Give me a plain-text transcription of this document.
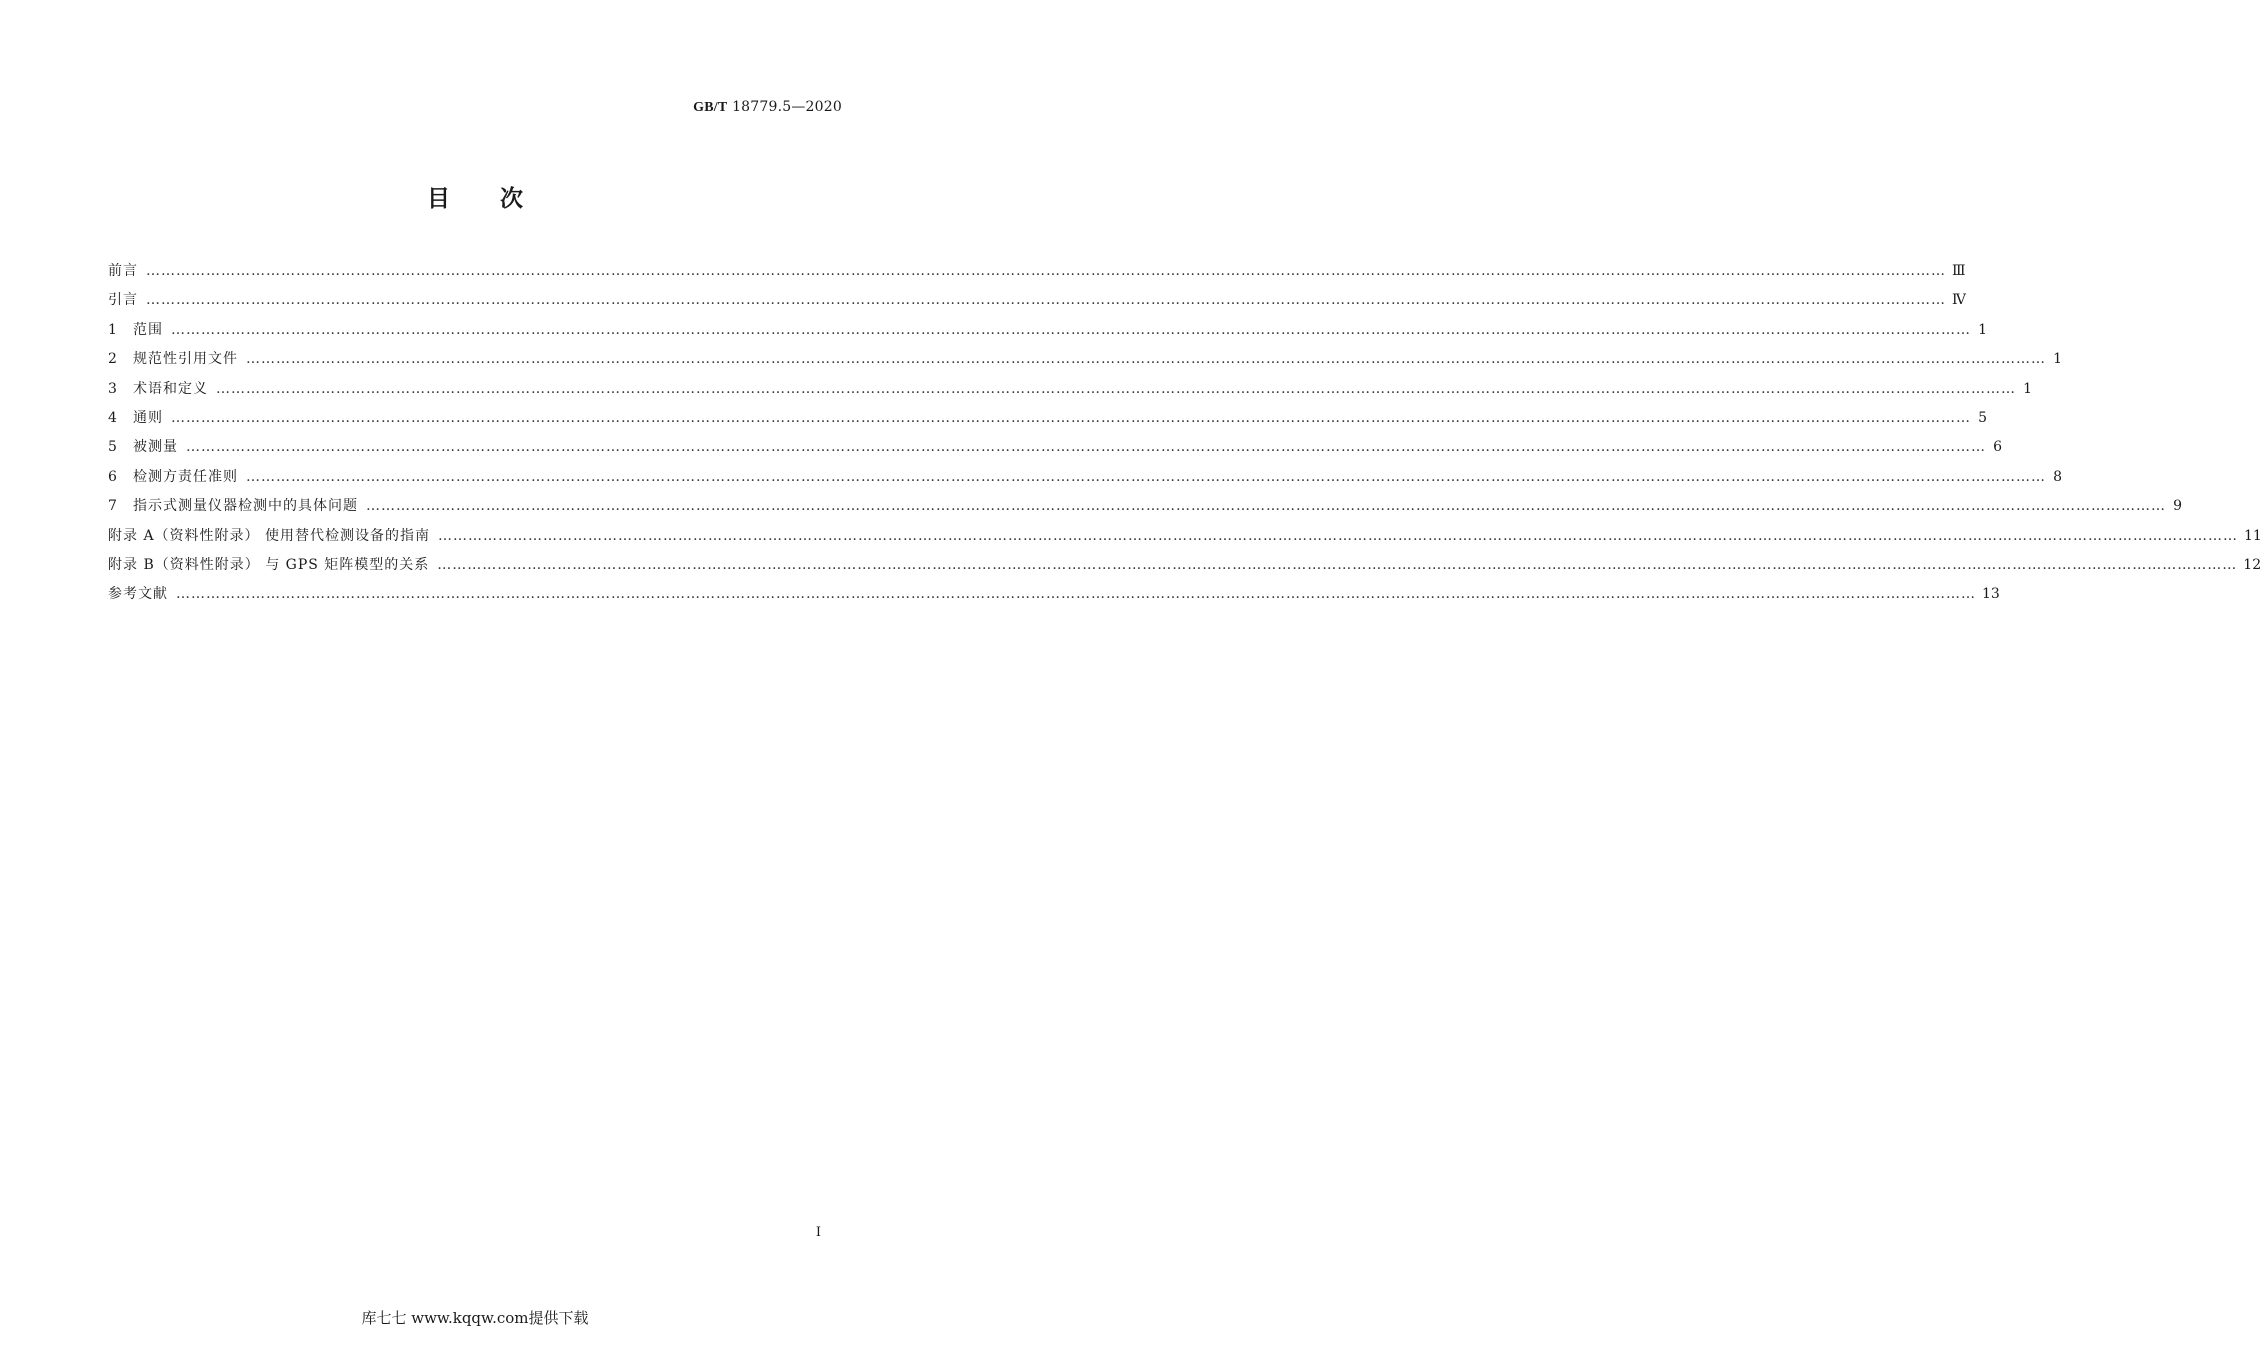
GB/T 18779.5—2020
目次
前言 ……………………………………………………………………………………………………………………………………………………………………………………………………………………………………………………………………………………………………………………………… Ⅲ
引言 ……………………………………………………………………………………………………………………………………………………………………………………………………………………………………………………………………………………………………………………………… Ⅳ
1	范围 ……………………………………………………………………………………………………………………………………………………………………………………………………………………………………………………………………………………………………………………………… 1
2	规范性引用文件 ……………………………………………………………………………………………………………………………………………………………………………………………………………………………………………………………………………………………………………………………… 1
3	术语和定义 ……………………………………………………………………………………………………………………………………………………………………………………………………………………………………………………………………………………………………………………………… 1
4	通则 ……………………………………………………………………………………………………………………………………………………………………………………………………………………………………………………………………………………………………………………………… 5
5	被测量 ……………………………………………………………………………………………………………………………………………………………………………………………………………………………………………………………………………………………………………………………… 6
6	检测方责任准则 ……………………………………………………………………………………………………………………………………………………………………………………………………………………………………………………………………………………………………………………………… 8
7	指示式测量仪器检测中的具体问题 ……………………………………………………………………………………………………………………………………………………………………………………………………………………………………………………………………………………………………………………………… 9
附录 A（资料性附录） 使用替代检测设备的指南 ……………………………………………………………………………………………………………………………………………………………………………………………………………………………………………………………………………………………………………………………… 11
附录 B（资料性附录） 与 GPS 矩阵模型的关系 ……………………………………………………………………………………………………………………………………………………………………………………………………………………………………………………………………………………………………………………………… 12
参考文献 ……………………………………………………………………………………………………………………………………………………………………………………………………………………………………………………………………………………………………………………………… 13
I
库七七 www.kqqw.com提供下载
